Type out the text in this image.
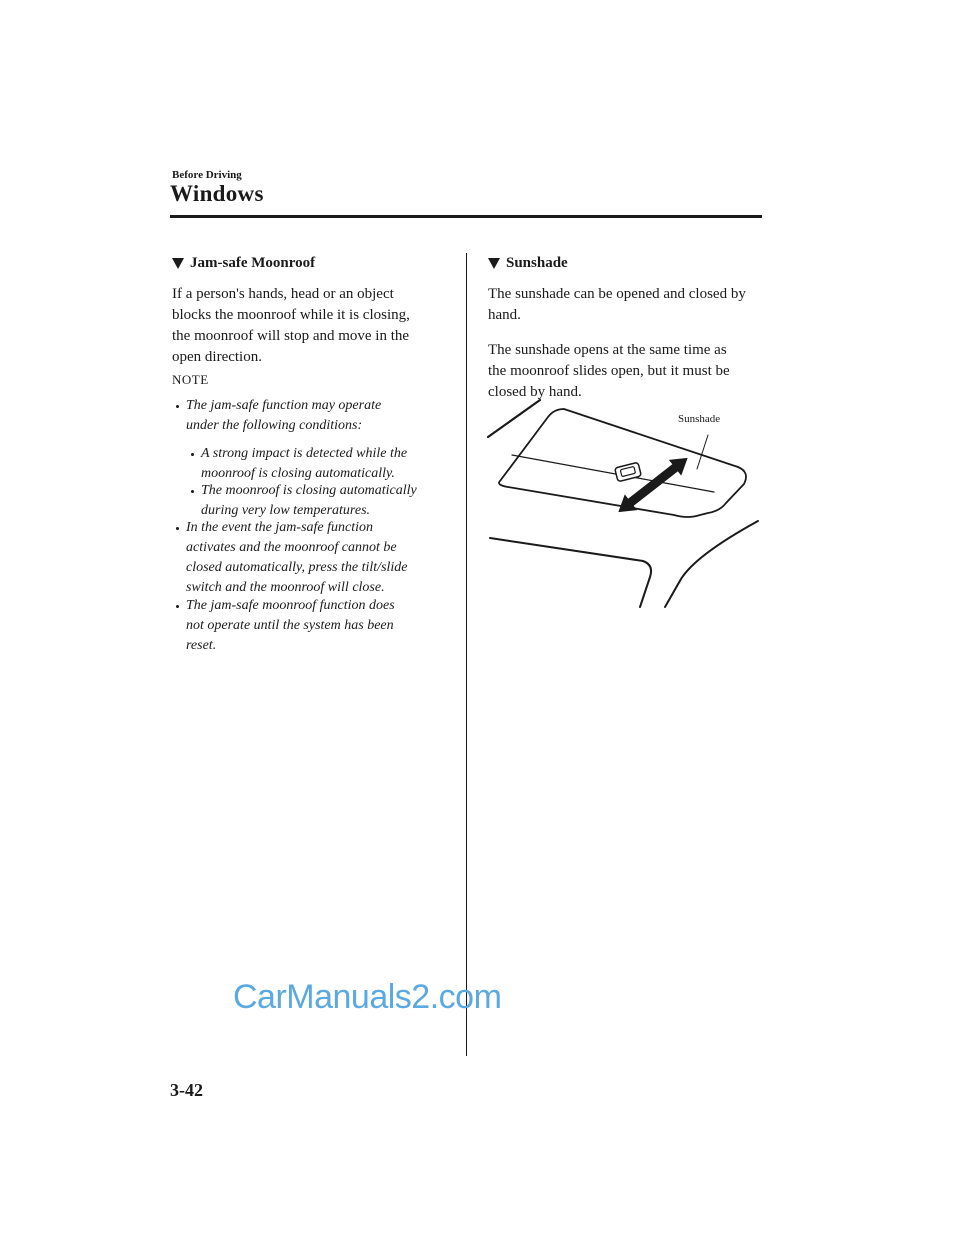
Before Driving
Windows
Jam-safe Moonroof
If a person's hands, head or an object
blocks the moonroof while it is closing,
the moonroof will stop and move in the
open direction.
NOTE
The jam-safe function may operate
under the following conditions:
A strong impact is detected while the
moonroof is closing automatically.
The moonroof is closing automatically
during very low temperatures.
In the event the jam-safe function
activates and the moonroof cannot be
closed automatically, press the tilt/slide
switch and the moonroof will close.
The jam-safe moonroof function does
not operate until the system has been
reset.
Sunshade
The sunshade can be opened and closed by
hand.
The sunshade opens at the same time as
the moonroof slides open, but it must be
closed by hand.
Sunshade
CarManuals2.com
3-42
